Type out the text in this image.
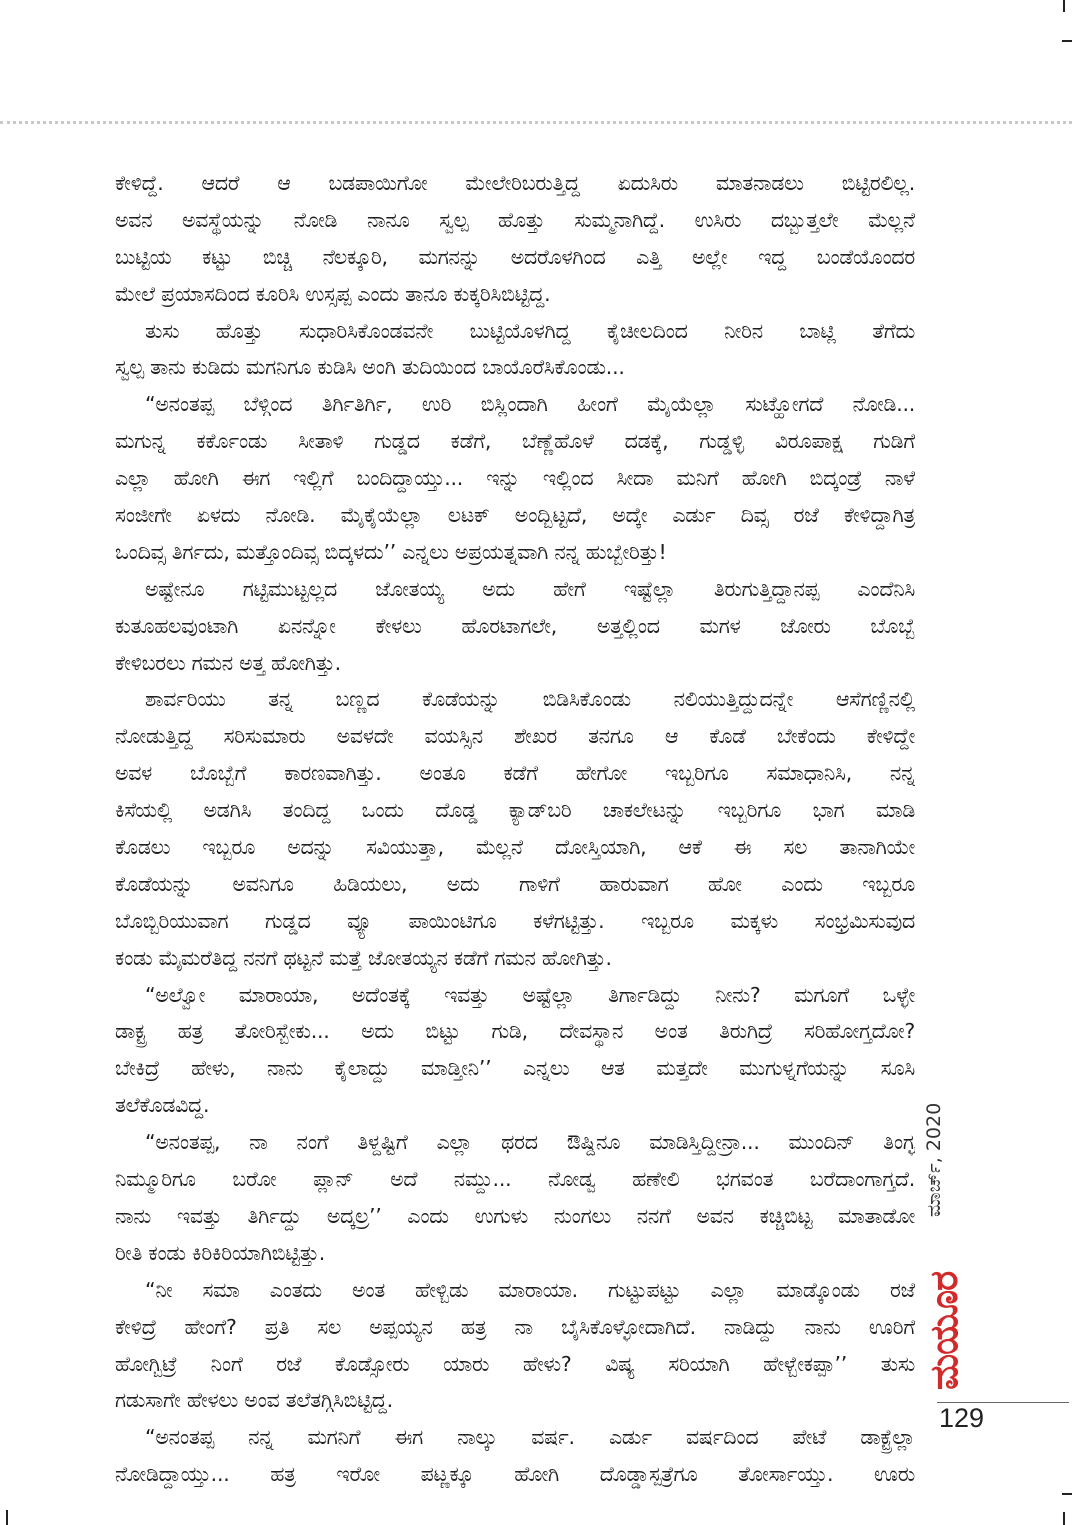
ಕೇಳಿದ್ದೆ. ಆದರೆ ಆ ಬಡಪಾಯಿಗೋ ಮೇಲೇರಿಬರುತ್ತಿದ್ದ ಏದುಸಿರು ಮಾತನಾಡಲು ಬಿಟ್ಟಿರಲಿಲ್ಲ.
ಅವನ ಅವಸ್ಥೆಯನ್ನು ನೋಡಿ ನಾನೂ ಸ್ವಲ್ಪ ಹೊತ್ತು ಸುಮ್ಮನಾಗಿದ್ದೆ. ಉಸಿರು ದಬ್ಬುತ್ತಲೇ ಮೆಲ್ಲನೆ
ಬುಟ್ಟಿಯ ಕಟ್ಟು ಬಿಚ್ಚಿ ನೆಲಕ್ಕೂರಿ, ಮಗನನ್ನು ಅದರೊಳಗಿಂದ ಎತ್ತಿ ಅಲ್ಲೇ ಇದ್ದ ಬಂಡೆಯೊಂದರ
ಮೇಲೆ ಪ್ರಯಾಸದಿಂದ ಕೂರಿಸಿ ಉಸ್ಸಪ್ಪ ಎಂದು ತಾನೂ ಕುಕ್ಕರಿಸಿಬಿಟ್ಟಿದ್ದ.
ತುಸು ಹೊತ್ತು ಸುಧಾರಿಸಿಕೊಂಡವನೇ ಬುಟ್ಟಿಯೊಳಗಿದ್ದ ಕೈಚೀಲದಿಂದ ನೀರಿನ ಬಾಟ್ಲಿ ತೆಗೆದು
ಸ್ವಲ್ಪ ತಾನು ಕುಡಿದು ಮಗನಿಗೂ ಕುಡಿಸಿ ಅಂಗಿ ತುದಿಯಿಂದ ಬಾಯೊರೆಸಿಕೊಂಡು...
“ಅನಂತಪ್ಪ ಬೆಳ್ಗಿಂದ ತಿರ್ಗಿತಿರ್ಗಿ, ಉರಿ ಬಿಸ್ಲಿಂದಾಗಿ ಹೀಂಗೆ ಮೈಯೆಲ್ಲಾ ಸುಟ್ಹೋಗದೆ ನೋಡಿ...
ಮಗುನ್ನ ಕರ್ಕೊಂಡು ಸೀತಾಳಿ ಗುಡ್ಡದ ಕಡೆಗೆ, ಬೆಣ್ಣೆಹೊಳೆ ದಡಕ್ಕೆ, ಗುಡ್ಡಳ್ಳಿ ವಿರೂಪಾಕ್ಷ ಗುಡಿಗೆ
ಎಲ್ಲಾ ಹೋಗಿ ಈಗ ಇಲ್ಲಿಗೆ ಬಂದಿದ್ದಾಯ್ತು... ಇನ್ನು ಇಲ್ಲಿಂದ ಸೀದಾ ಮನಿಗೆ ಹೋಗಿ ಬಿದ್ಕಂಡ್ರೆ ನಾಳೆ
ಸಂಜೀಗೇ ಏಳದು ನೋಡಿ. ಮೈಕೈಯೆಲ್ಲಾ ಲಟಕ್ ಅಂದ್ಬಿಟ್ಟದೆ, ಅದ್ಕೇ ಎರ್ಡು ದಿವ್ಸ ರಜೆ ಕೇಳಿದ್ದಾಗಿತ್ರ
ಒಂದಿವ್ಸ ತಿರ್ಗದು, ಮತ್ತೊಂದಿವ್ಸ ಬಿದ್ಕಳದು’’ ಎನ್ನಲು ಅಪ್ರಯತ್ನವಾಗಿ ನನ್ನ ಹುಬ್ಬೇರಿತ್ತು!
ಅಷ್ಟೇನೂ ಗಟ್ಟಿಮುಟ್ಟಲ್ಲದ ಜೋತಯ್ಯ ಅದು ಹೇಗೆ ಇಷ್ಟೆಲ್ಲಾ ತಿರುಗುತ್ತಿದ್ದಾನಪ್ಪ ಎಂದೆನಿಸಿ
ಕುತೂಹಲವುಂಟಾಗಿ ಏನನ್ನೋ ಕೇಳಲು ಹೊರಟಾಗಲೇ, ಅತ್ತಲ್ಲಿಂದ ಮಗಳ ಜೋರು ಬೊಬ್ಬೆ
ಕೇಳಿಬರಲು ಗಮನ ಅತ್ತ ಹೋಗಿತ್ತು.
ಶಾರ್ವರಿಯು ತನ್ನ ಬಣ್ಣದ ಕೊಡೆಯನ್ನು ಬಿಡಿಸಿಕೊಂಡು ನಲಿಯುತ್ತಿದ್ದುದನ್ನೇ ಆಸೆಗಣ್ಣಿನಲ್ಲಿ
ನೋಡುತ್ತಿದ್ದ ಸರಿಸುಮಾರು ಅವಳದೇ ವಯಸ್ಸಿನ ಶೇಖರ ತನಗೂ ಆ ಕೊಡೆ ಬೇಕೆಂದು ಕೇಳಿದ್ದೇ
ಅವಳ ಬೊಬ್ಬೆಗೆ ಕಾರಣವಾಗಿತ್ತು. ಅಂತೂ ಕಡೆಗೆ ಹೇಗೋ ಇಬ್ಬರಿಗೂ ಸಮಾಧಾನಿಸಿ, ನನ್ನ
ಕಿಸೆಯಲ್ಲಿ ಅಡಗಿಸಿ ತಂದಿದ್ದ ಒಂದು ದೊಡ್ಡ ಕ್ಯಾಡ್‌ಬರಿ ಚಾಕಲೇಟನ್ನು ಇಬ್ಬರಿಗೂ ಭಾಗ ಮಾಡಿ
ಕೊಡಲು ಇಬ್ಬರೂ ಅದನ್ನು ಸವಿಯುತ್ತಾ, ಮೆಲ್ಲನೆ ದೋಸ್ತಿಯಾಗಿ, ಆಕೆ ಈ ಸಲ ತಾನಾಗಿಯೇ
ಕೊಡೆಯನ್ನು ಅವನಿಗೂ ಹಿಡಿಯಲು, ಅದು ಗಾಳಿಗೆ ಹಾರುವಾಗ ಹೋ ಎಂದು ಇಬ್ಬರೂ
ಬೊಬ್ಬಿರಿಯುವಾಗ ಗುಡ್ಡದ ವ್ಯೂ ಪಾಯಿಂಟಿಗೂ ಕಳೆಗಟ್ಟಿತ್ತು. ಇಬ್ಬರೂ ಮಕ್ಕಳು ಸಂಭ್ರಮಿಸುವುದ
ಕಂಡು ಮೈಮರೆತಿದ್ದ ನನಗೆ ಥಟ್ಟನೆ ಮತ್ತೆ ಜೋತಯ್ಯನ ಕಡೆಗೆ ಗಮನ ಹೋಗಿತ್ತು.
“ಅಲ್ವೋ ಮಾರಾಯಾ, ಅದೆಂತಕ್ಕೆ ಇವತ್ತು ಅಷ್ಟೆಲ್ಲಾ ತಿರ್ಗಾಡಿದ್ದು ನೀನು? ಮಗೂಗೆ ಒಳ್ಳೇ
ಡಾಕ್ಟ್ರ ಹತ್ರ ತೋರಿಸ್ಬೇಕು... ಅದು ಬಿಟ್ಟು ಗುಡಿ, ದೇವಸ್ಥಾನ ಅಂತ ತಿರುಗಿದ್ರೆ ಸರಿಹೋಗ್ತದೋ?
ಬೇಕಿದ್ರೆ ಹೇಳು, ನಾನು ಕೈಲಾದ್ದು ಮಾಡ್ತೀನಿ’’ ಎನ್ನಲು ಆತ ಮತ್ತದೇ ಮುಗುಳ್ನಗೆಯನ್ನು ಸೂಸಿ
ತಲೆಕೊಡವಿದ್ದ.
“ಅನಂತಪ್ಪ, ನಾ ನಂಗೆ ತಿಳ್ದಷ್ಟಿಗೆ ಎಲ್ಲಾ ಥರದ ಔಷ್ದಿನೂ ಮಾಡಿಸ್ತಿದ್ದೀನ್ರಾ... ಮುಂದಿನ್ ತಿಂಗ್ಳ
ನಿಮ್ಮೂರಿಗೂ ಬರೋ ಪ್ಲಾನ್ ಅದೆ ನಮ್ದು... ನೋಡ್ವ ಹಣೇಲಿ ಭಗವಂತ ಬರೆದಾಂಗಾಗ್ತದೆ.
ನಾನು ಇವತ್ತು ತಿರ್ಗಿದ್ದು ಅದ್ಕಲ್ರ’’ ಎಂದು ಉಗುಳು ನುಂಗಲು ನನಗೆ ಅವನ ಕಚ್ಚಿಬಿಟ್ಟ ಮಾತಾಡೋ
ರೀತಿ ಕಂಡು ಕಿರಿಕಿರಿಯಾಗಿಬಿಟ್ಟಿತ್ತು.
“ನೀ ಸಮಾ ಎಂತದು ಅಂತ ಹೇಳ್ಬಿಡು ಮಾರಾಯಾ. ಗುಟ್ಟುಪಟ್ಟು ಎಲ್ಲಾ ಮಾಡ್ಕೊಂಡು ರಜೆ
ಕೇಳಿದ್ರೆ ಹೇಂಗೆ? ಪ್ರತಿ ಸಲ ಅಪ್ಪಯ್ಯನ ಹತ್ರ ನಾ ಬೈಸಿಕೊಳ್ಳೋದಾಗಿದೆ. ನಾಡಿದ್ದು ನಾನು ಊರಿಗೆ
ಹೋಗ್ಬಿಟ್ರೆ ನಿಂಗೆ ರಜೆ ಕೊಡ್ಸೋರು ಯಾರು ಹೇಳು? ವಿಷ್ಯ ಸರಿಯಾಗಿ ಹೇಳ್ಬೇಕಪ್ಪಾ’’ ತುಸು
ಗಡುಸಾಗೇ ಹೇಳಲು ಅಂವ ತಲೆತಗ್ಗಿಸಿಬಿಟ್ಟಿದ್ದ.
“ಅನಂತಪ್ಪ ನನ್ನ ಮಗನಿಗೆ ಈಗ ನಾಲ್ಕು ವರ್ಷ. ಎರ್ಡು ವರ್ಷದಿಂದ ಪೇಟೆ ಡಾಕ್ಟ್ರೆಲ್ಲಾ
ನೋಡಿದ್ದಾಯ್ತು... ಹತ್ರ ಇರೋ ಪಟ್ಣಕ್ಕೂ ಹೋಗಿ ದೊಡ್ಡಾಸ್ಪತ್ರೆಗೂ ತೋರ್ಸಾಯ್ತು. ಊರು
ಮಾರ್ಚ್, 2020
ಮಯೂರ
129
